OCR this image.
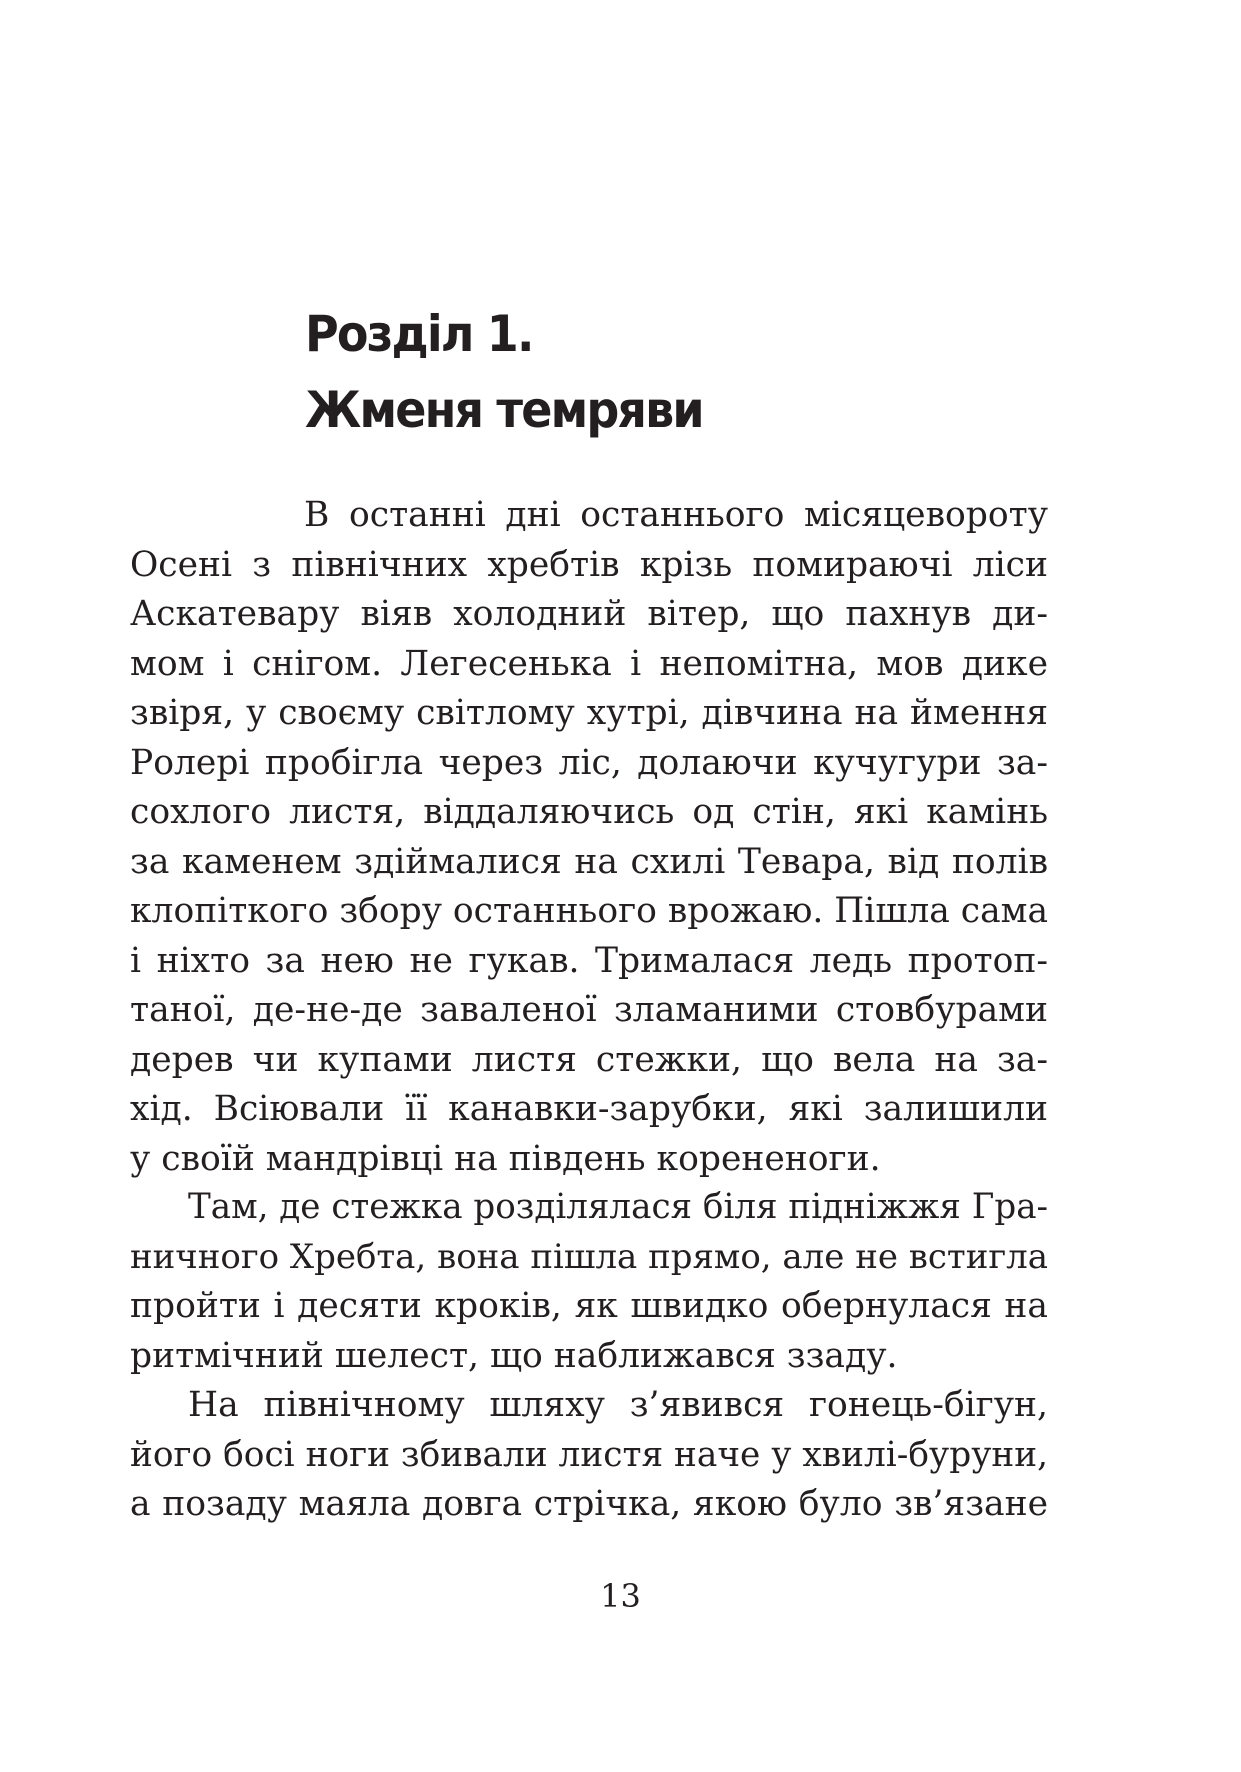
Розділ 1.
Жменя темряви
В останні дні останнього місяцевороту
Осені з північних хребтів крізь помираючі ліси
Аскатевару віяв холодний вітер, що пахнув ди-
мом і снігом. Легесенька і непомітна, мов дике
звіря, у своєму світлому хутрі, дівчина на ймення
Ролері пробігла через ліс, долаючи кучугури за-
сохлого листя, віддаляючись од стін, які камінь
за каменем здіймалися на схилі Тевара, від полів
клопіткого збору останнього врожаю. Пішла сама
і ніхто за нею не гукав. Трималася ледь протоп-
таної, де-не-де заваленої зламаними стовбурами
дерев чи купами листя стежки, що вела на за-
хід. Всіювали її канавки-зарубки, які залишили
у своїй мандрівці на південь корененоги.
Там, де стежка розділялася біля підніжжя Гра-
ничного Хребта, вона пішла прямо, але не встигла
пройти і десяти кроків, як швидко обернулася на
ритмічний шелест, що наближався ззаду.
На північному шляху з’явився гонець-бігун,
його босі ноги збивали листя наче у хвилі-буруни,
а позаду маяла довга стрічка, якою було зв’язане
13
